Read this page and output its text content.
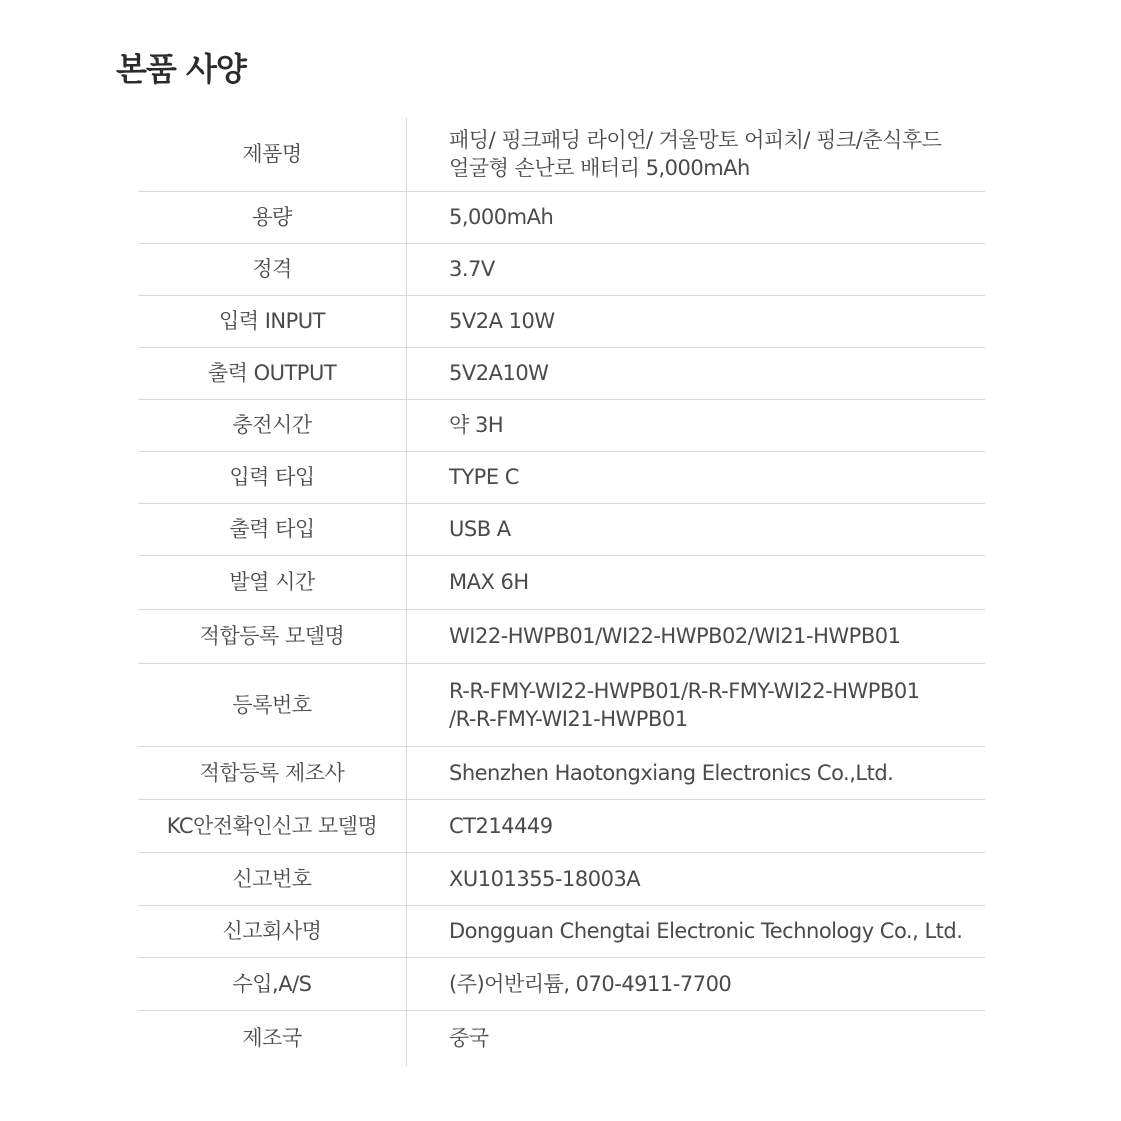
본품 사양
제품명	패딩/ 핑크패딩 라이언/ 겨울망토 어피치/ 핑크/춘식후드
얼굴형 손난로 배터리 5,000mAh
용량	5,000mAh
정격	3.7V
입력 INPUT	5V2A 10W
출력 OUTPUT	5V2A10W
충전시간	약 3H
입력 타입	TYPE C
출력 타입	USB A
발열 시간	MAX 6H
적합등록 모델명	WI22-HWPB01/WI22-HWPB02/WI21-HWPB01
등록번호	R-R-FMY-WI22-HWPB01/R-R-FMY-WI22-HWPB01
/R-R-FMY-WI21-HWPB01
적합등록 제조사	Shenzhen Haotongxiang Electronics Co.,Ltd.
KC안전확인신고 모델명	CT214449
신고번호	XU101355-18003A
신고회사명	Dongguan Chengtai Electronic Technology Co., Ltd.
수입,A/S	(주)어반리튬, 070-4911-7700
제조국	중국
